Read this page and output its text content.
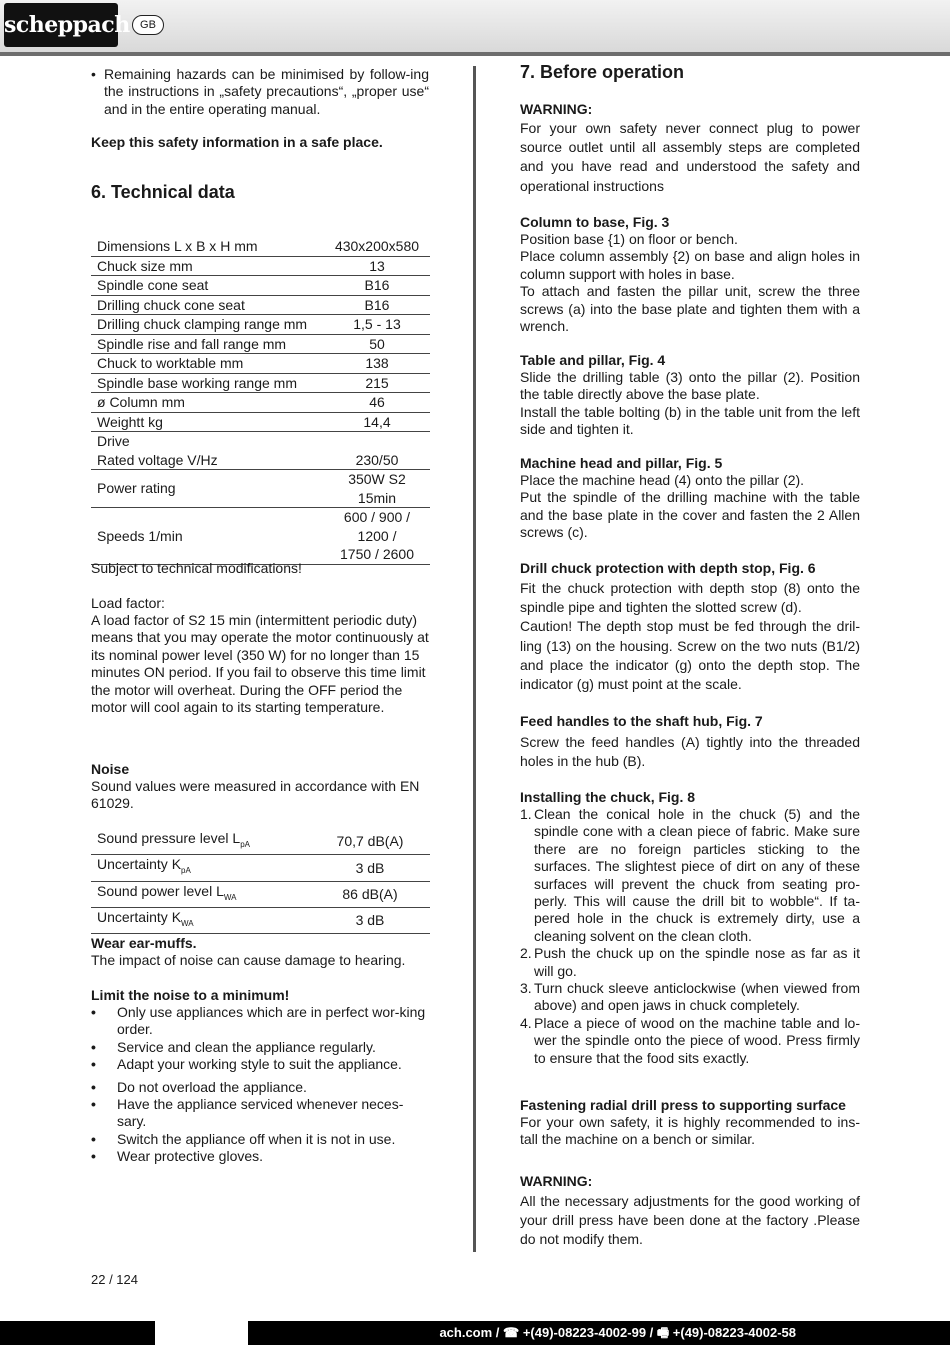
scheppach GB
• Remaining hazards can be minimised by follow-ing the instructions in „safety precautions“, „proper use“ and in the entire operating manual.
Keep this safety information in a safe place.
6. Technical data
Dimensions L x B x H mm	430x200x580
Chuck size mm	13
Spindle cone seat	B16
Drilling chuck cone seat	B16
Drilling chuck clamping range mm	1,5 - 13
Spindle rise and fall range mm	50
Chuck to worktable mm	138
Spindle base working range mm	215
ø Column mm	46
Weightt kg	14,4
Drive	
Rated voltage V/Hz	230/50
Power rating	350W S2
15min
Speeds 1/min	600 / 900 /
1200 /
1750 / 2600
Subject to technical modifications!
Load factor:
A load factor of S2 15 min (intermittent periodic duty) means that you may operate the motor continuously at its nominal power level (350 W) for no longer than 15 minutes ON period. If you fail to observe this time limit the motor will overheat. During the OFF period the motor will cool again to its starting temperature.
Noise
Sound values were measured in accordance with EN 61029.
Sound pressure level $L_{pA}$	70,7 dB(A)
Uncertainty $K_{pA}$	3 dB
Sound power level $L_{WA}$	86 dB(A)
Uncertainty $K_{WA}$	3 dB
Wear ear-muffs.
The impact of noise can cause damage to hearing.
Limit the noise to a minimum!
• Only use appliances which are in perfect wor-king order.
• Service and clean the appliance regularly.
• Adapt your working style to suit the appliance.
• Do not overload the appliance.
• Have the appliance serviced whenever neces-sary.
• Switch the appliance off when it is not in use.
• Wear protective gloves.
7. Before operation
WARNING:
For your own safety never connect plug to power source outlet until all assembly steps are completed and you have read and understood the safety and operational instructions
Column to base, Fig. 3
Position base {1) on floor or bench.
Place column assembly {2) on base and align holes in column support with holes in base.
To attach and fasten the pillar unit, screw the three screws (a) into the base plate and tighten them with a wrench.
Table and pillar, Fig. 4
Slide the drilling table (3) onto the pillar (2). Position the table directly above the base plate.
Install the table bolting (b) in the table unit from the left side and tighten it.
Machine head and pillar, Fig. 5
Place the machine head (4) onto the pillar (2).
Put the spindle of the drilling machine with the table and the base plate in the cover and fasten the 2 Allen screws (c).
Drill chuck protection with depth stop, Fig. 6
Fit the chuck protection with depth stop (8) onto the spindle pipe and tighten the slotted screw (d).
Caution! The depth stop must be fed through the dril-ling (13) on the housing. Screw on the two nuts (B1/2) and place the indicator (g) onto the depth stop. The indicator (g) must point at the scale.
Feed handles to the shaft hub, Fig. 7
Screw the feed handles (A) tightly into the threaded holes in the hub (B).
Installing the chuck, Fig. 8
1. Clean the conical hole in the chuck (5) and the spindle cone with a clean piece of fabric. Make sure there are no foreign particles sticking to the surfaces. The slightest piece of dirt on any of these surfaces will prevent the chuck from seating pro-perly. This will cause the drill bit to wobble“. If ta-pered hole in the chuck is extremely dirty, use a cleaning solvent on the clean cloth.
2. Push the chuck up on the spindle nose as far as it will go.
3. Turn chuck sleeve anticlockwise (when viewed from above) and open jaws in chuck completely.
4. Place a piece of wood on the machine table and lo-wer the spindle onto the piece of wood. Press firmly to ensure that the food sits exactly.
Fastening radial drill press to supporting surface
For your own safety, it is highly recommended to ins-tall the machine on a bench or similar.
WARNING:
All the necessary adjustments for the good working of your drill press have been done at the factory .Please do not modify them.
22 / 124
ach.com / ☎ +(49)-08223-4002-99 / 🖷 +(49)-08223-4002-58
